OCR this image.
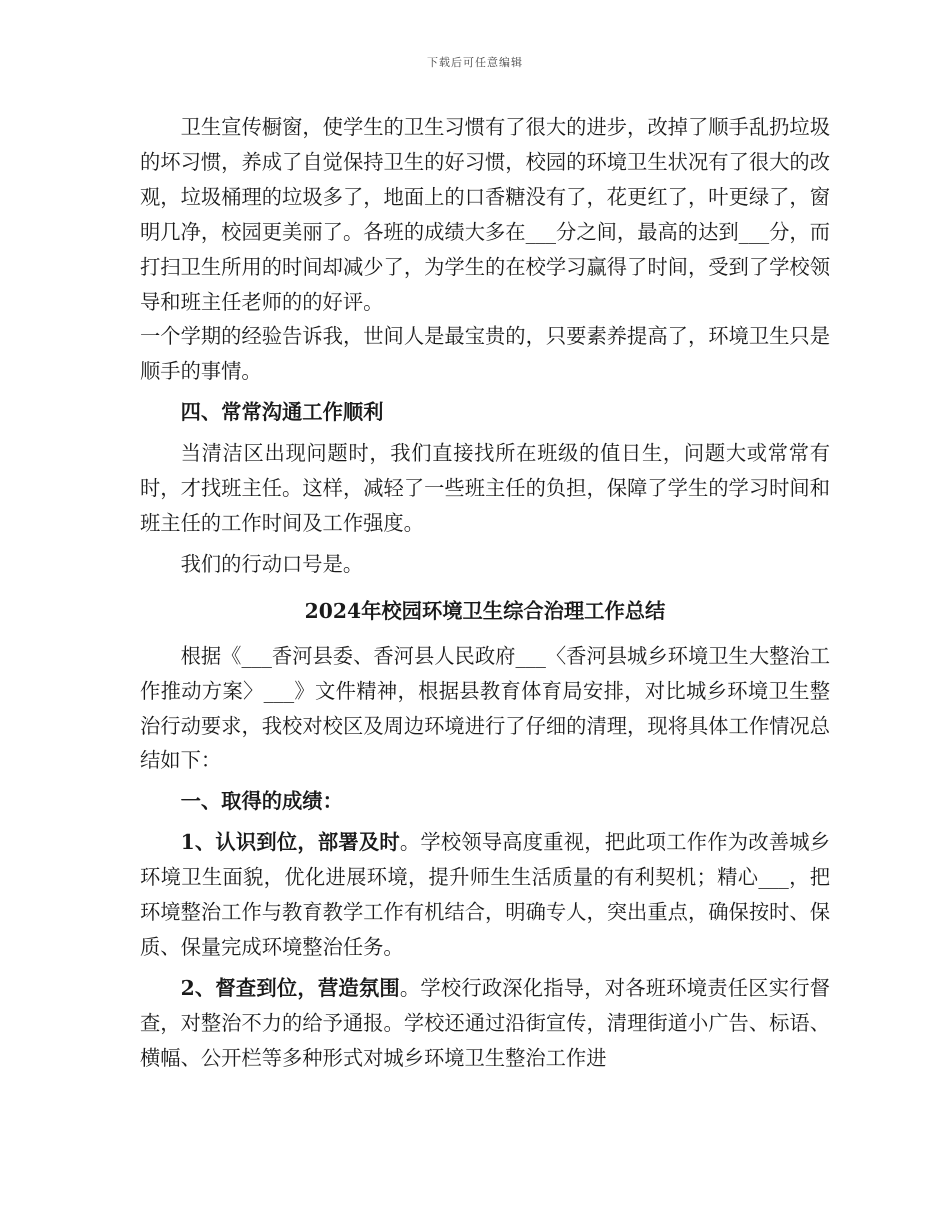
下载后可任意编辑

卫生宣传橱窗，使学生的卫生习惯有了很大的进步，改掉了顺手乱扔垃圾的坏习惯，养成了自觉保持卫生的好习惯，校园的环境卫生状况有了很大的改观，垃圾桶理的垃圾多了，地面上的口香糖没有了，花更红了，叶更绿了，窗明几净，校园更美丽了。各班的成绩大多在___分之间，最高的达到___分，而打扫卫生所用的时间却减少了，为学生的在校学习赢得了时间，受到了学校领导和班主任老师的的好评。

一个学期的经验告诉我，世间人是最宝贵的，只要素养提高了，环境卫生只是顺手的事情。

四、常常沟通工作顺利

当清洁区出现问题时，我们直接找所在班级的值日生，问题大或常常有时，才找班主任。这样，减轻了一些班主任的负担，保障了学生的学习时间和班主任的工作时间及工作强度。

我们的行动口号是。

2024年校园环境卫生综合治理工作总结

根据《___香河县委、香河县人民政府___〈香河县城乡环境卫生大整治工作推动方案〉___》文件精神，根据县教育体育局安排，对比城乡环境卫生整治行动要求，我校对校区及周边环境进行了仔细的清理，现将具体工作情况总结如下：

一、取得的成绩：

1、认识到位，部署及时。学校领导高度重视，把此项工作作为改善城乡环境卫生面貌，优化进展环境，提升师生生活质量的有利契机；精心___，把环境整治工作与教育教学工作有机结合，明确专人，突出重点，确保按时、保质、保量完成环境整治任务。

2、督查到位，营造氛围。学校行政深化指导，对各班环境责任区实行督查，对整治不力的给予通报。学校还通过沿街宣传，清理街道小广告、标语、横幅、公开栏等多种形式对城乡环境卫生整治工作进
